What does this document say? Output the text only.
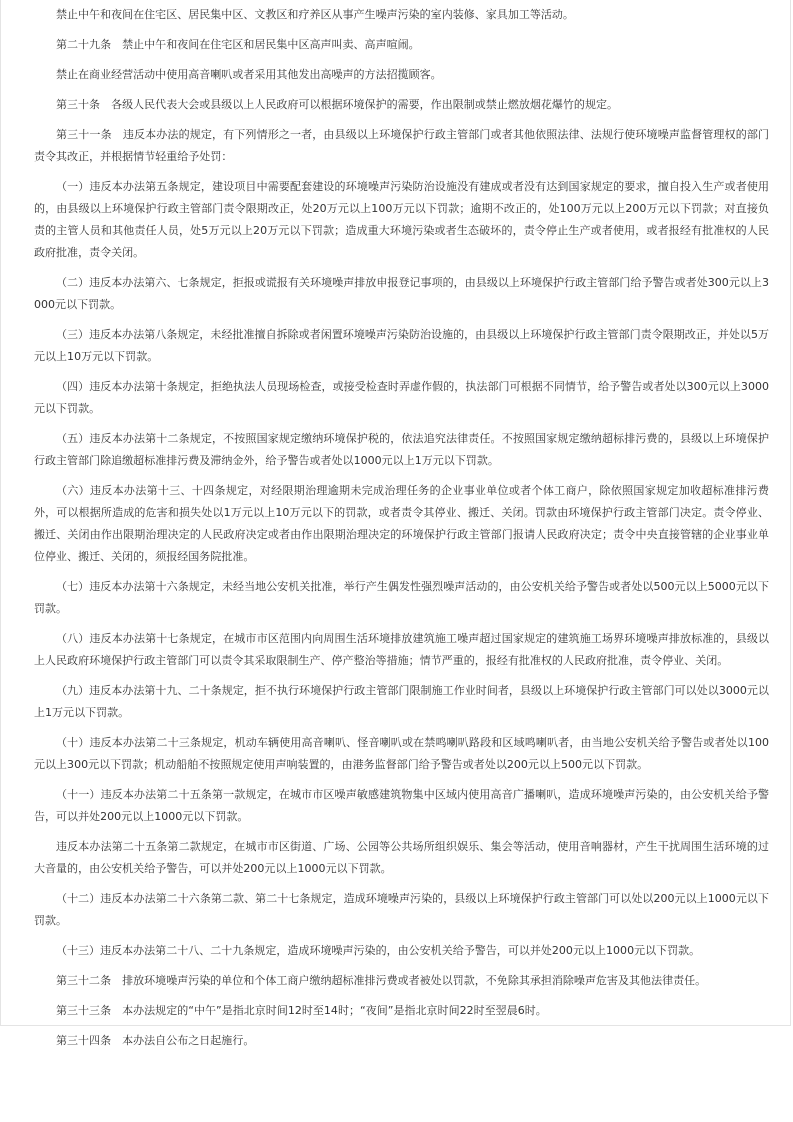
禁止中午和夜间在住宅区、居民集中区、文教区和疗养区从事产生噪声污染的室内装修、家具加工等活动。

第二十九条　禁止中午和夜间在住宅区和居民集中区高声叫卖、高声喧闹。

禁止在商业经营活动中使用高音喇叭或者采用其他发出高噪声的方法招揽顾客。

第三十条　各级人民代表大会或县级以上人民政府可以根据环境保护的需要，作出限制或禁止燃放烟花爆竹的规定。

第三十一条　违反本办法的规定，有下列情形之一者，由县级以上环境保护行政主管部门或者其他依照法律、法规行使环境噪声监督管理权的部门责令其改正，并根据情节轻重给予处罚：

（一）违反本办法第五条规定，建设项目中需要配套建设的环境噪声污染防治设施没有建成或者没有达到国家规定的要求，擅自投入生产或者使用的，由县级以上环境保护行政主管部门责令限期改正，处20万元以上100万元以下罚款；逾期不改正的，处100万元以上200万元以下罚款；对直接负责的主管人员和其他责任人员，处5万元以上20万元以下罚款；造成重大环境污染或者生态破坏的，责令停止生产或者使用，或者报经有批准权的人民政府批准，责令关闭。

（二）违反本办法第六、七条规定，拒报或谎报有关环境噪声排放申报登记事项的，由县级以上环境保护行政主管部门给予警告或者处300元以上3000元以下罚款。

（三）违反本办法第八条规定，未经批准擅自拆除或者闲置环境噪声污染防治设施的，由县级以上环境保护行政主管部门责令限期改正，并处以5万元以上10万元以下罚款。

（四）违反本办法第十条规定，拒绝执法人员现场检查，或接受检查时弄虚作假的，执法部门可根据不同情节，给予警告或者处以300元以上3000元以下罚款。

（五）违反本办法第十二条规定，不按照国家规定缴纳环境保护税的，依法追究法律责任。不按照国家规定缴纳超标排污费的，县级以上环境保护行政主管部门除追缴超标准排污费及滞纳金外，给予警告或者处以1000元以上1万元以下罚款。

（六）违反本办法第十三、十四条规定，对经限期治理逾期未完成治理任务的企业事业单位或者个体工商户，除依照国家规定加收超标准排污费外，可以根据所造成的危害和损失处以1万元以上10万元以下的罚款，或者责令其停业、搬迁、关闭。罚款由环境保护行政主管部门决定。责令停业、搬迁、关闭由作出限期治理决定的人民政府决定或者由作出限期治理决定的环境保护行政主管部门报请人民政府决定；责令中央直接管辖的企业事业单位停业、搬迁、关闭的，须报经国务院批准。

（七）违反本办法第十六条规定，未经当地公安机关批准，举行产生偶发性强烈噪声活动的，由公安机关给予警告或者处以500元以上5000元以下罚款。

（八）违反本办法第十七条规定，在城市市区范围内向周围生活环境排放建筑施工噪声超过国家规定的建筑施工场界环境噪声排放标准的，县级以上人民政府环境保护行政主管部门可以责令其采取限制生产、停产整治等措施；情节严重的，报经有批准权的人民政府批准，责令停业、关闭。

（九）违反本办法第十九、二十条规定，拒不执行环境保护行政主管部门限制施工作业时间者，县级以上环境保护行政主管部门可以处以3000元以上1万元以下罚款。

（十）违反本办法第二十三条规定，机动车辆使用高音喇叭、怪音喇叭或在禁鸣喇叭路段和区域鸣喇叭者，由当地公安机关给予警告或者处以100元以上300元以下罚款；机动船舶不按照规定使用声响装置的，由港务监督部门给予警告或者处以200元以上500元以下罚款。

（十一）违反本办法第二十五条第一款规定，在城市市区噪声敏感建筑物集中区域内使用高音广播喇叭，造成环境噪声污染的，由公安机关给予警告，可以并处200元以上1000元以下罚款。

违反本办法第二十五条第二款规定，在城市市区街道、广场、公园等公共场所组织娱乐、集会等活动，使用音响器材，产生干扰周围生活环境的过大音量的，由公安机关给予警告，可以并处200元以上1000元以下罚款。

（十二）违反本办法第二十六条第二款、第二十七条规定，造成环境噪声污染的，县级以上环境保护行政主管部门可以处以200元以上1000元以下罚款。

（十三）违反本办法第二十八、二十九条规定，造成环境噪声污染的，由公安机关给予警告，可以并处200元以上1000元以下罚款。

第三十二条　排放环境噪声污染的单位和个体工商户缴纳超标准排污费或者被处以罚款，不免除其承担消除噪声危害及其他法律责任。

第三十三条　本办法规定的“中午”是指北京时间12时至14时；“夜间”是指北京时间22时至翌晨6时。

第三十四条　本办法自公布之日起施行。
